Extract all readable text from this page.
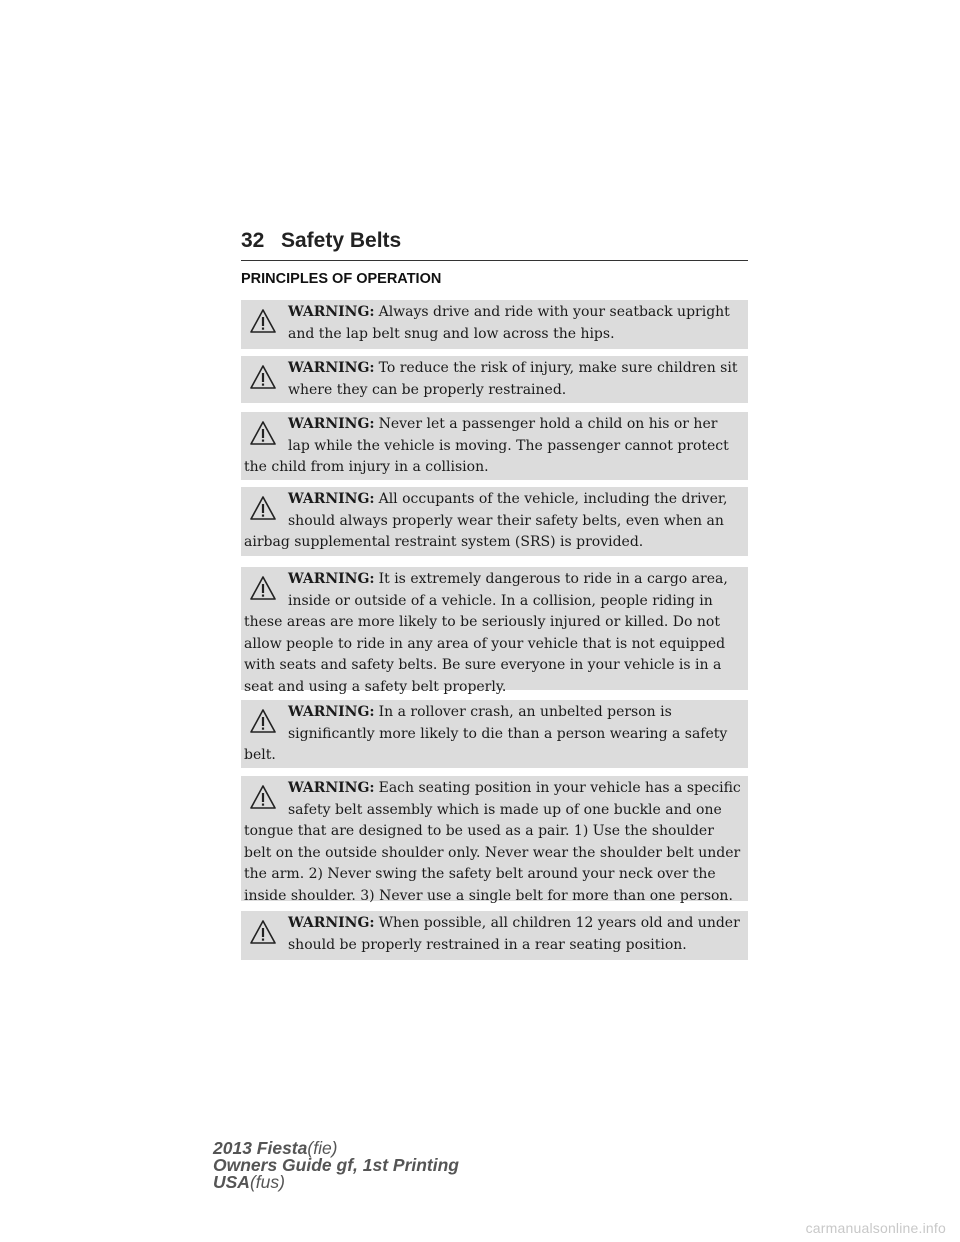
32 Safety Belts
PRINCIPLES OF OPERATION
WARNING: Always drive and ride with your seatback upright and the lap belt snug and low across the hips.
WARNING: To reduce the risk of injury, make sure children sit where they can be properly restrained.
WARNING: Never let a passenger hold a child on his or her lap while the vehicle is moving. The passenger cannot protect the child from injury in a collision.
WARNING: All occupants of the vehicle, including the driver, should always properly wear their safety belts, even when an airbag supplemental restraint system (SRS) is provided.
WARNING: It is extremely dangerous to ride in a cargo area, inside or outside of a vehicle. In a collision, people riding in these areas are more likely to be seriously injured or killed. Do not allow people to ride in any area of your vehicle that is not equipped with seats and safety belts. Be sure everyone in your vehicle is in a seat and using a safety belt properly.
WARNING: In a rollover crash, an unbelted person is significantly more likely to die than a person wearing a safety belt.
WARNING: Each seating position in your vehicle has a specific safety belt assembly which is made up of one buckle and one tongue that are designed to be used as a pair. 1) Use the shoulder belt on the outside shoulder only. Never wear the shoulder belt under the arm. 2) Never swing the safety belt around your neck over the inside shoulder. 3) Never use a single belt for more than one person.
WARNING: When possible, all children 12 years old and under should be properly restrained in a rear seating position.
2013 Fiesta(fie)
Owners Guide gf, 1st Printing
USA(fus)
carmanualsonline.info
